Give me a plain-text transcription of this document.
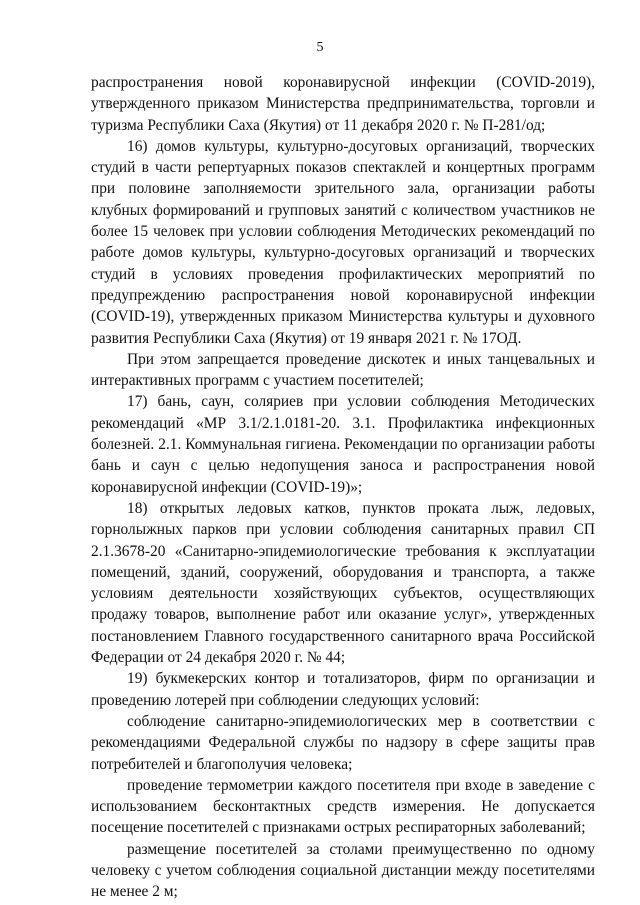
5

распространения новой коронавирусной инфекции (COVID-2019), утвержденного приказом Министерства предпринимательства, торговли и туризма Республики Саха (Якутия) от 11 декабря 2020 г. № П-281/од;

16) домов культуры, культурно-досуговых организаций, творческих студий в части репертуарных показов спектаклей и концертных программ при половине заполняемости зрительного зала, организации работы клубных формирований и групповых занятий с количеством участников не более 15 человек при условии соблюдения Методических рекомендаций по работе домов культуры, культурно-досуговых организаций и творческих студий в условиях проведения профилактических мероприятий по предупреждению распространения новой коронавирусной инфекции (COVID-19), утвержденных приказом Министерства культуры и духовного развития Республики Саха (Якутия) от 19 января 2021 г. № 17ОД.

При этом запрещается проведение дискотек и иных танцевальных и интерактивных программ с участием посетителей;

17) бань, саун, соляриев при условии соблюдения Методических рекомендаций «МР 3.1/2.1.0181-20. 3.1. Профилактика инфекционных болезней. 2.1. Коммунальная гигиена. Рекомендации по организации работы бань и саун с целью недопущения заноса и распространения новой коронавирусной инфекции (COVID-19)»;

18) открытых ледовых катков, пунктов проката лыж, ледовых, горнолыжных парков при условии соблюдения санитарных правил СП 2.1.3678-20 «Санитарно-эпидемиологические требования к эксплуатации помещений, зданий, сооружений, оборудования и транспорта, а также условиям деятельности хозяйствующих субъектов, осуществляющих продажу товаров, выполнение работ или оказание услуг», утвержденных постановлением Главного государственного санитарного врача Российской Федерации от 24 декабря 2020 г. № 44;

19) букмекерских контор и тотализаторов, фирм по организации и проведению лотерей при соблюдении следующих условий:

соблюдение санитарно-эпидемиологических мер в соответствии с рекомендациями Федеральной службы по надзору в сфере защиты прав потребителей и благополучия человека;

проведение термометрии каждого посетителя при входе в заведение с использованием бесконтактных средств измерения. Не допускается посещение посетителей с признаками острых респираторных заболеваний;

размещение посетителей за столами преимущественно по одному человеку с учетом соблюдения социальной дистанции между посетителями не менее 2 м;
